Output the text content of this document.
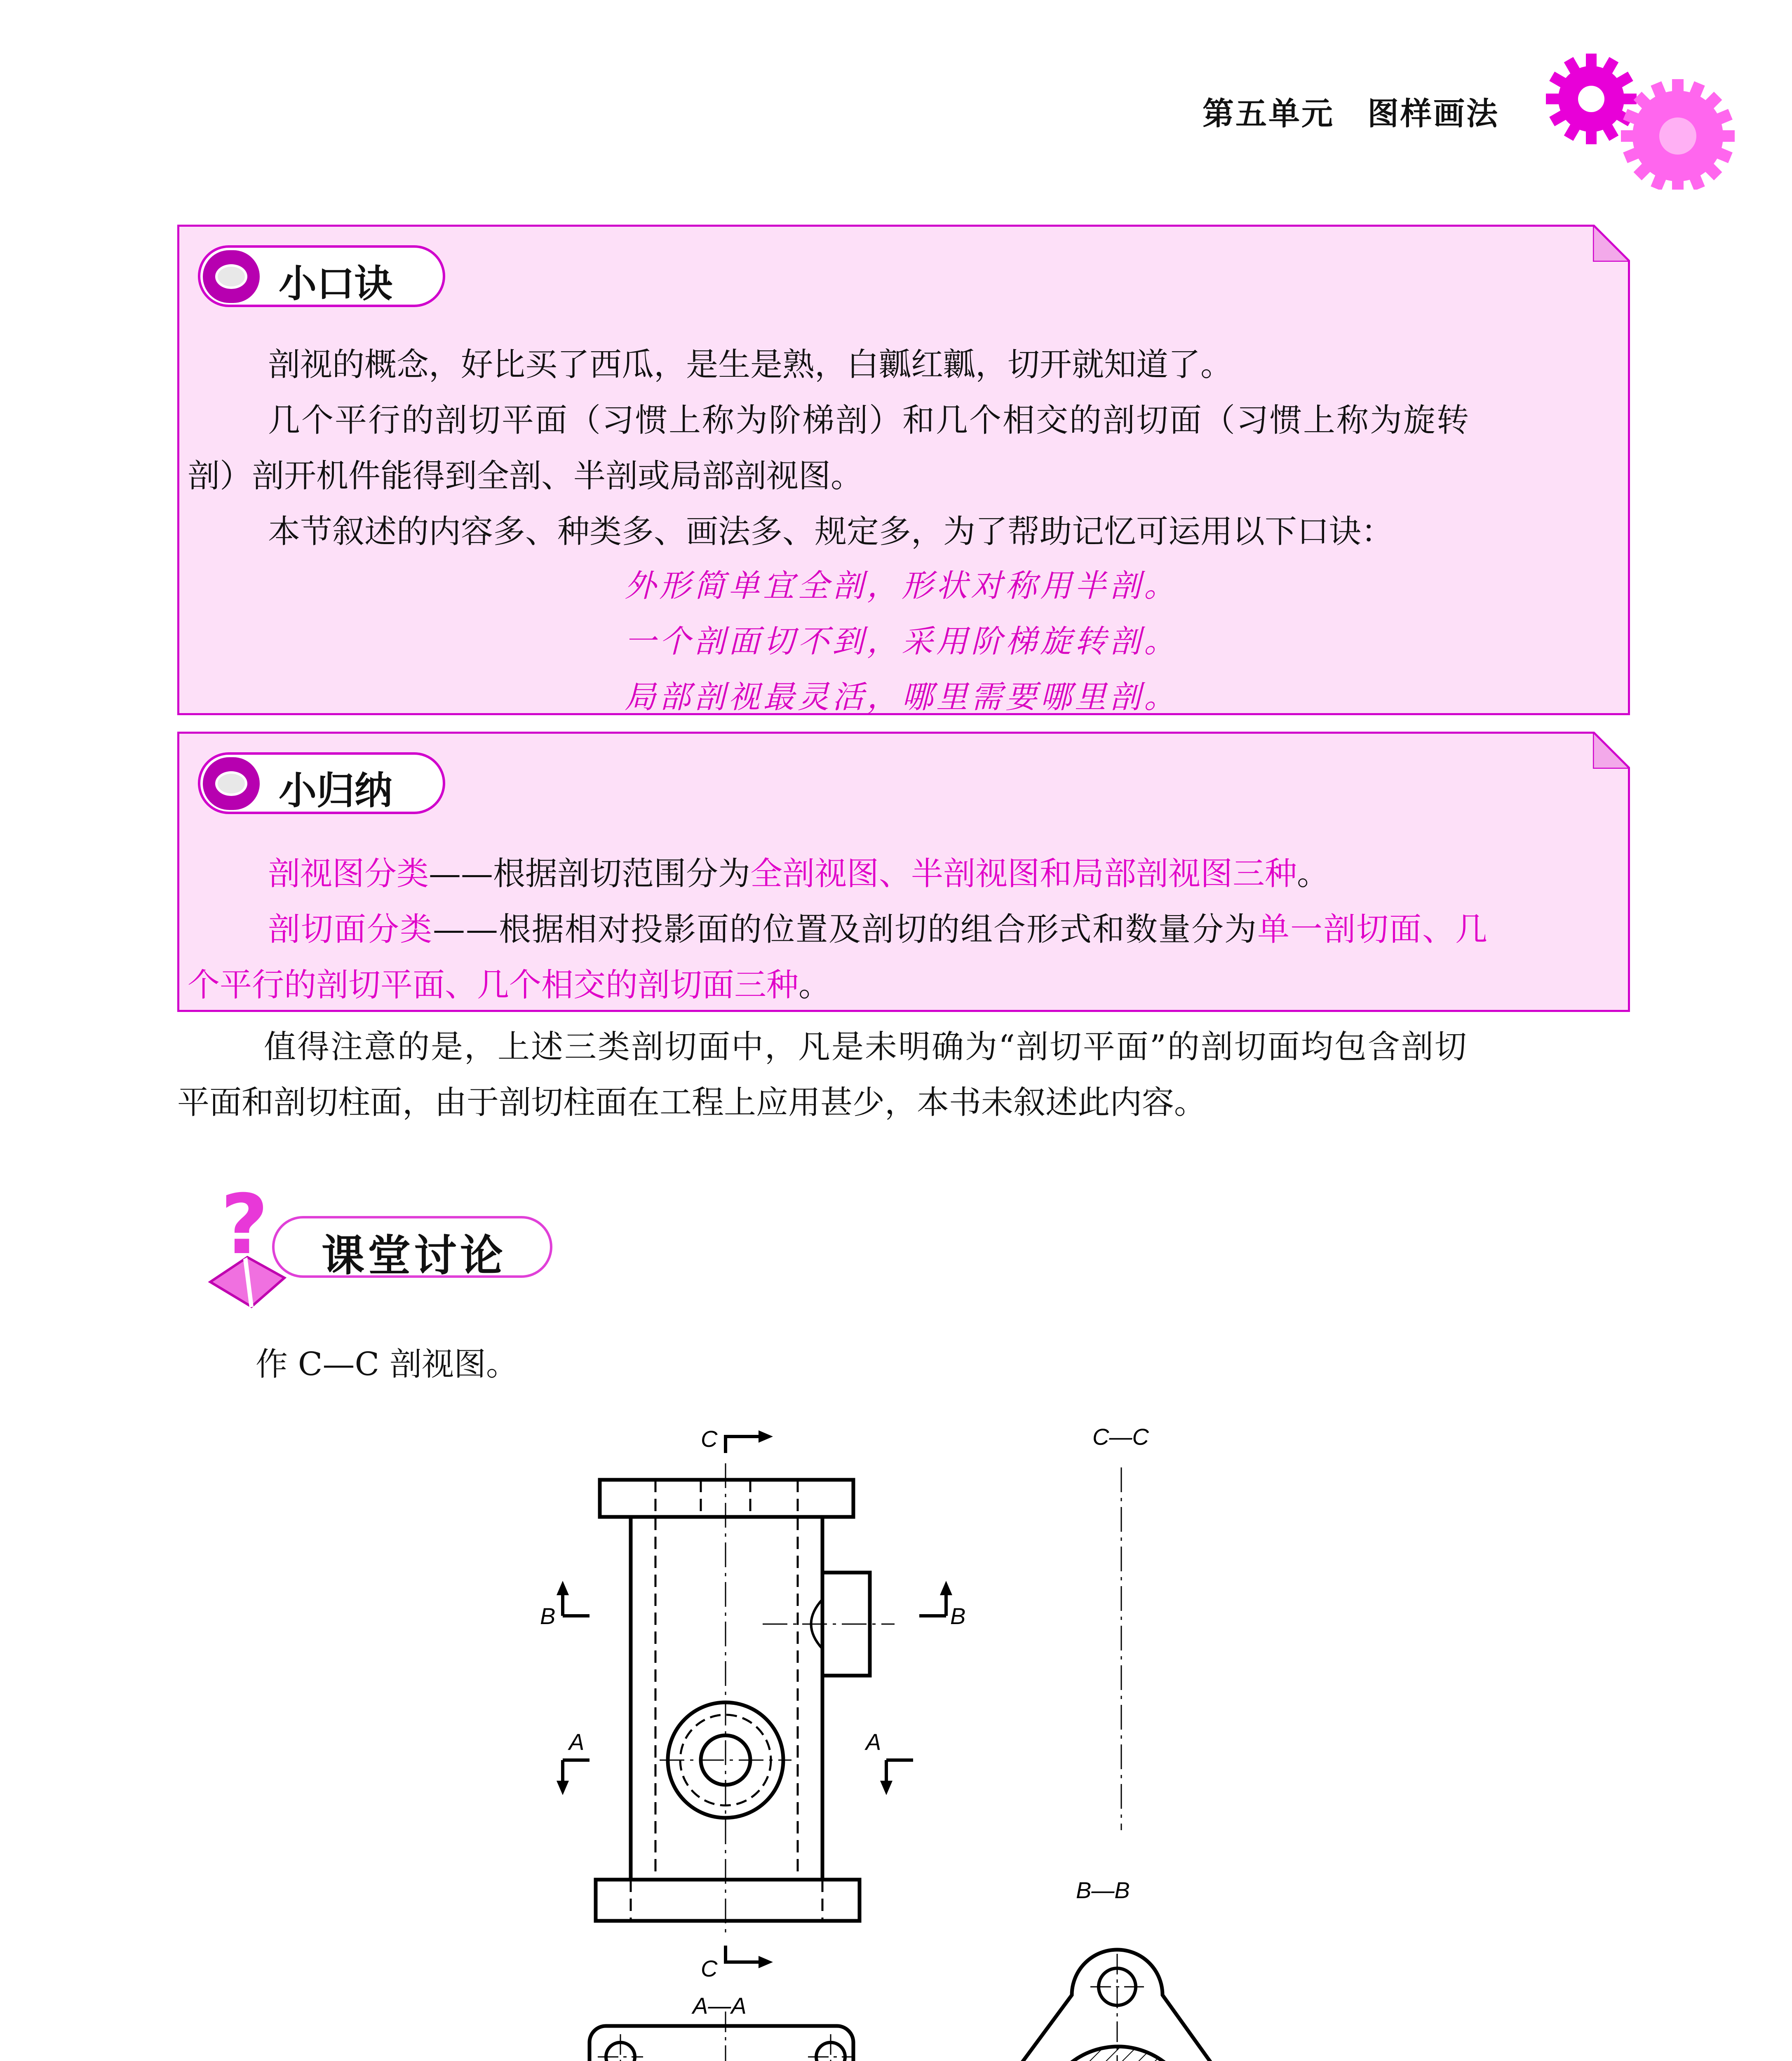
第五单元　图样画法
小口诀
剖视的概念，好比买了西瓜，是生是熟，白瓤红瓤，切开就知道了。
几个平行的剖切平面（习惯上称为阶梯剖）和几个相交的剖切面（习惯上称为旋转
剖）剖开机件能得到全剖、半剖或局部剖视图。
本节叙述的内容多、种类多、画法多、规定多，为了帮助记忆可运用以下口诀：
外形简单宜全剖，形状对称用半剖。
一个剖面切不到，采用阶梯旋转剖。
局部剖视最灵活，哪里需要哪里剖。
小归纳
剖视图分类——根据剖切范围分为全剖视图、半剖视图和局部剖视图三种。
剖切面分类——根据相对投影面的位置及剖切的组合形式和数量分为单一剖切面、几
个平行的剖切平面、几个相交的剖切面三种。
值得注意的是，上述三类剖切面中，凡是未明确为“剖切平面”的剖切面均包含剖切
平面和剖切柱面，由于剖切柱面在工程上应用甚少，本书未叙述此内容。
? 课堂讨论
作 C—C 剖视图。
C
C
B	B
A	A
C—C
B—B
A—A
